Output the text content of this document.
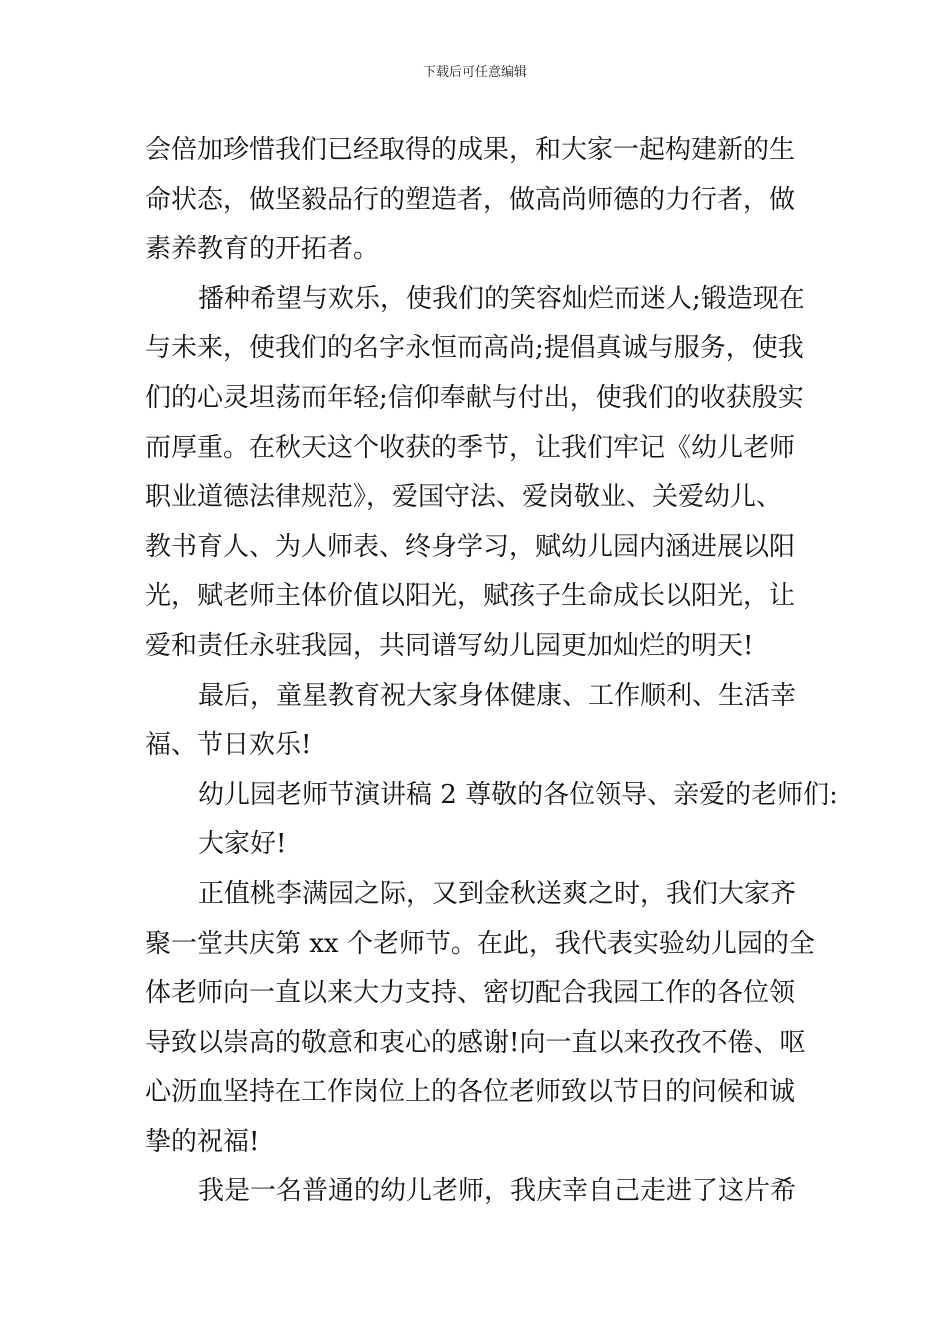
下载后可任意编辑
会倍加珍惜我们已经取得的成果，和大家一起构建新的生
命状态，做坚毅品行的塑造者，做高尚师德的力行者，做
素养教育的开拓者。
播种希望与欢乐，使我们的笑容灿烂而迷人;锻造现在
与未来，使我们的名字永恒而高尚;提倡真诚与服务，使我
们的心灵坦荡而年轻;信仰奉献与付出，使我们的收获殷实
而厚重。在秋天这个收获的季节，让我们牢记《幼儿老师
职业道德法律规范》，爱国守法、爱岗敬业、关爱幼儿、
教书育人、为人师表、终身学习，赋幼儿园内涵进展以阳
光，赋老师主体价值以阳光，赋孩子生命成长以阳光，让
爱和责任永驻我园，共同谱写幼儿园更加灿烂的明天!
最后，童星教育祝大家身体健康、工作顺利、生活幸
福、节日欢乐!
幼儿园老师节演讲稿 2 尊敬的各位领导、亲爱的老师们:
大家好!
正值桃李满园之际，又到金秋送爽之时，我们大家齐
聚一堂共庆第 xx 个老师节。在此，我代表实验幼儿园的全
体老师向一直以来大力支持、密切配合我园工作的各位领
导致以崇高的敬意和衷心的感谢!向一直以来孜孜不倦、呕
心沥血坚持在工作岗位上的各位老师致以节日的问候和诚
挚的祝福!
我是一名普通的幼儿老师，我庆幸自己走进了这片希
